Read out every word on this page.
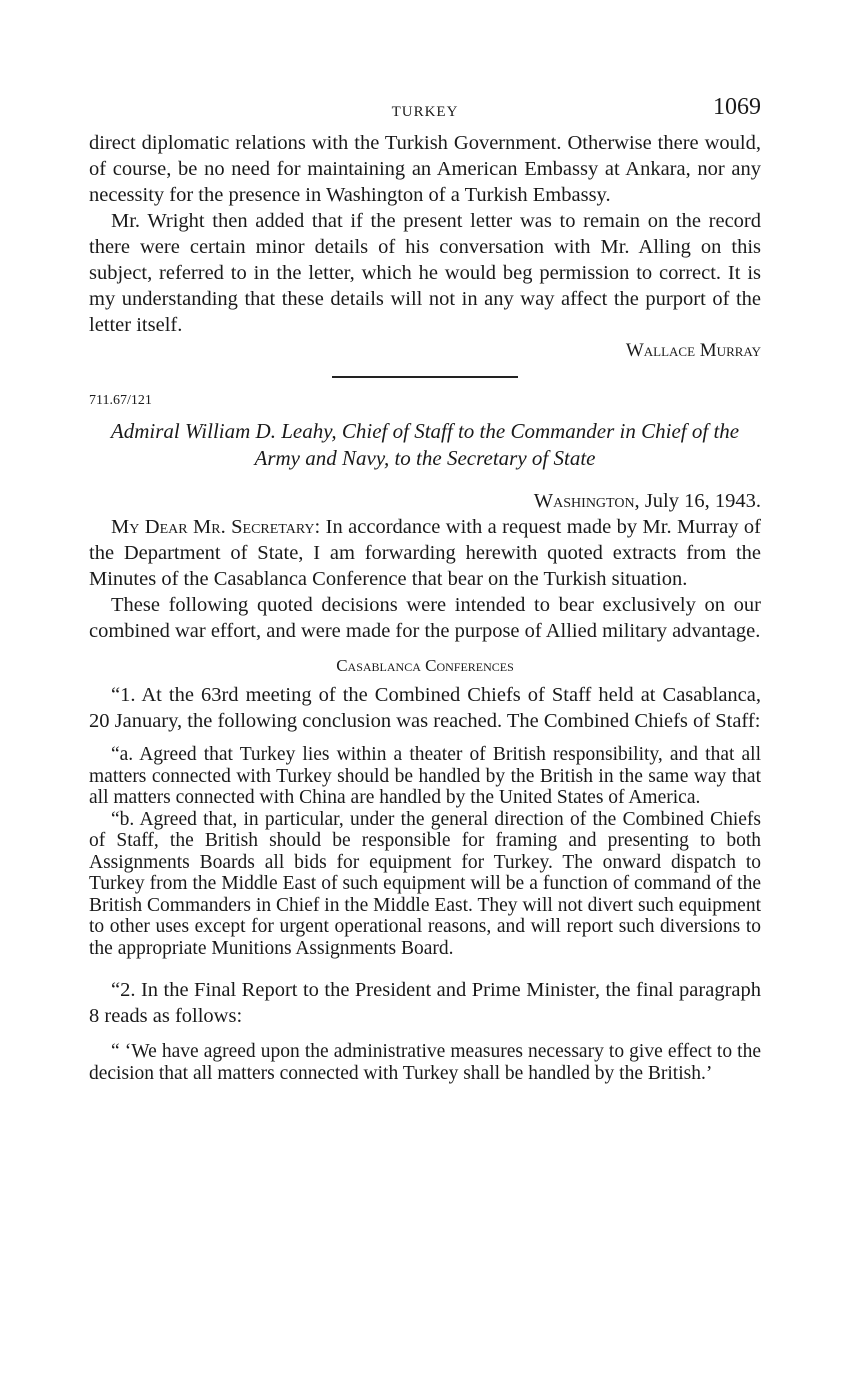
TURKEY	1069

direct diplomatic relations with the Turkish Government. Otherwise there would, of course, be no need for maintaining an American Embassy at Ankara, nor any necessity for the presence in Washington of a Turkish Embassy.

Mr. Wright then added that if the present letter was to remain on the record there were certain minor details of his conversation with Mr. Alling on this subject, referred to in the letter, which he would beg permission to correct. It is my understanding that these details will not in any way affect the purport of the letter itself.

Wallace Murray
711.67/121
Admiral William D. Leahy, Chief of Staff to the Commander in Chief of the Army and Navy, to the Secretary of State
Washington, July 16, 1943.

My Dear Mr. Secretary: In accordance with a request made by Mr. Murray of the Department of State, I am forwarding herewith quoted extracts from the Minutes of the Casablanca Conference that bear on the Turkish situation.

These following quoted decisions were intended to bear exclusively on our combined war effort, and were made for the purpose of Allied military advantage.

Casablanca Conferences

“1. At the 63rd meeting of the Combined Chiefs of Staff held at Casablanca, 20 January, the following conclusion was reached. The Combined Chiefs of Staff:

“a. Agreed that Turkey lies within a theater of British responsibility, and that all matters connected with Turkey should be handled by the British in the same way that all matters connected with China are handled by the United States of America.
“b. Agreed that, in particular, under the general direction of the Combined Chiefs of Staff, the British should be responsible for framing and presenting to both Assignments Boards all bids for equipment for Turkey. The onward dispatch to Turkey from the Middle East of such equipment will be a function of command of the British Commanders in Chief in the Middle East. They will not divert such equipment to other uses except for urgent operational reasons, and will report such diversions to the appropriate Munitions Assignments Board.

“2. In the Final Report to the President and Prime Minister, the final paragraph 8 reads as follows:

“ ‘We have agreed upon the administrative measures necessary to give effect to the decision that all matters connected with Turkey shall be handled by the British.’
